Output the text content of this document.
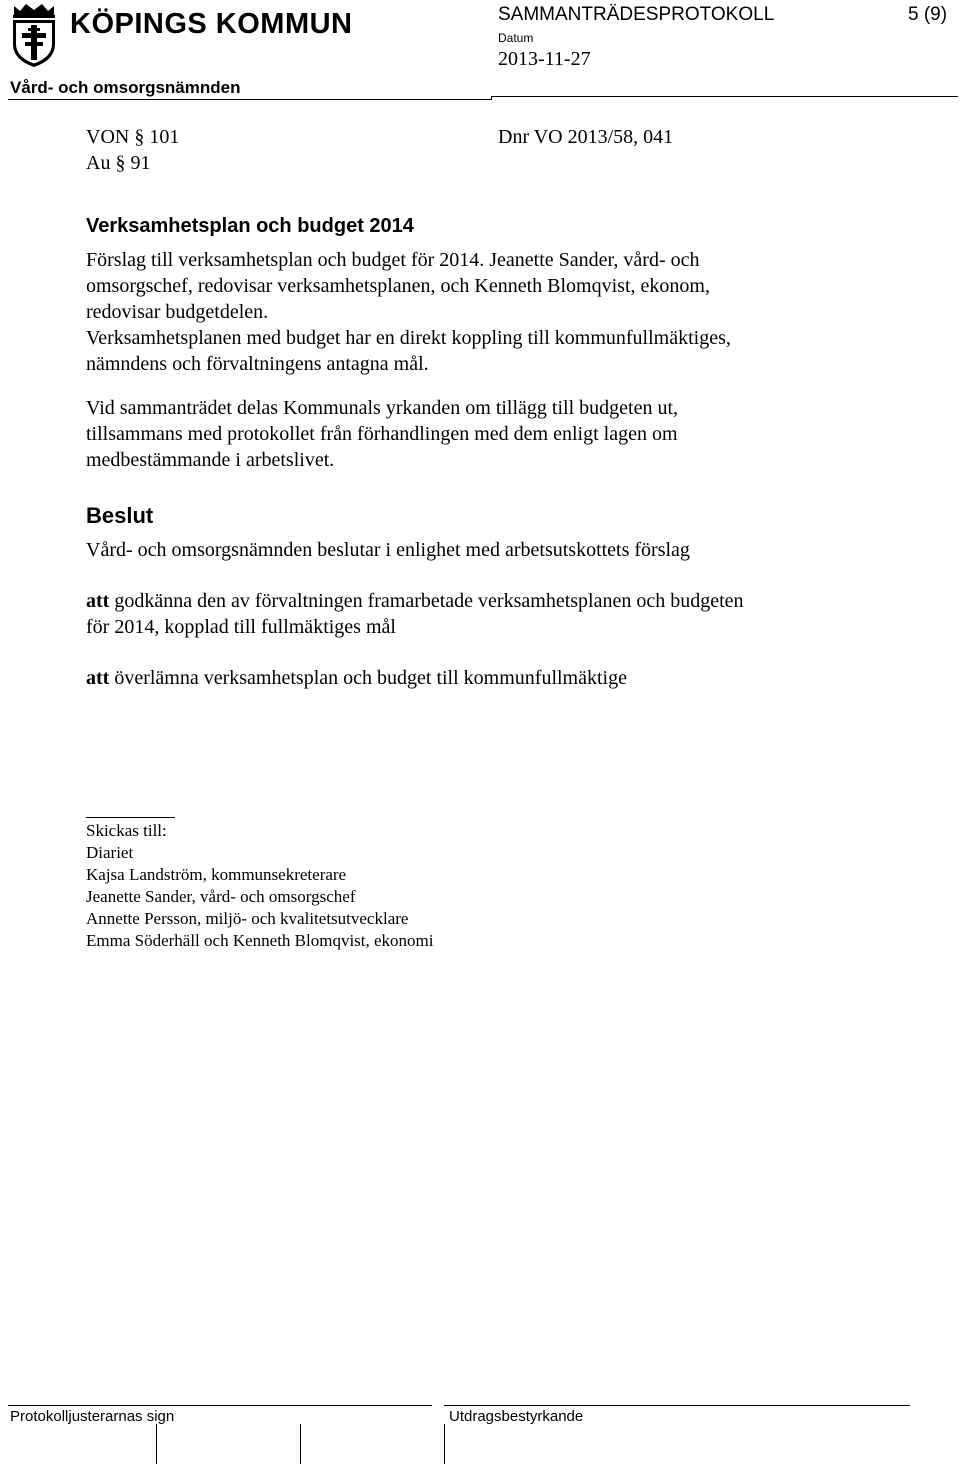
KÖPINGS KOMMUN	SAMMANTRÄDESPROTOKOLL	5 (9)
Datum
2013-11-27
Vård- och omsorgsnämnden
VON § 101	Dnr VO 2013/58, 041
Au § 91
Verksamhetsplan och budget 2014
Förslag till verksamhetsplan och budget för 2014. Jeanette Sander, vård- och
omsorgschef, redovisar verksamhetsplanen, och Kenneth Blomqvist, ekonom,
redovisar budgetdelen.
Verksamhetsplanen med budget har en direkt koppling till kommunfullmäktiges,
nämndens och förvaltningens antagna mål.
Vid sammanträdet delas Kommunals yrkanden om tillägg till budgeten ut,
tillsammans med protokollet från förhandlingen med dem enligt lagen om
medbestämmande i arbetslivet.
Beslut
Vård- och omsorgsnämnden beslutar i enlighet med arbetsutskottets förslag
att godkänna den av förvaltningen framarbetade verksamhetsplanen och budgeten
för 2014, kopplad till fullmäktiges mål
att överlämna verksamhetsplan och budget till kommunfullmäktige
Skickas till:
Diariet
Kajsa Landström, kommunsekreterare
Jeanette Sander, vård- och omsorgschef
Annette Persson, miljö- och kvalitetsutvecklare
Emma Söderhäll och Kenneth Blomqvist, ekonomi
Protokolljusterarnas sign	Utdragsbestyrkande
